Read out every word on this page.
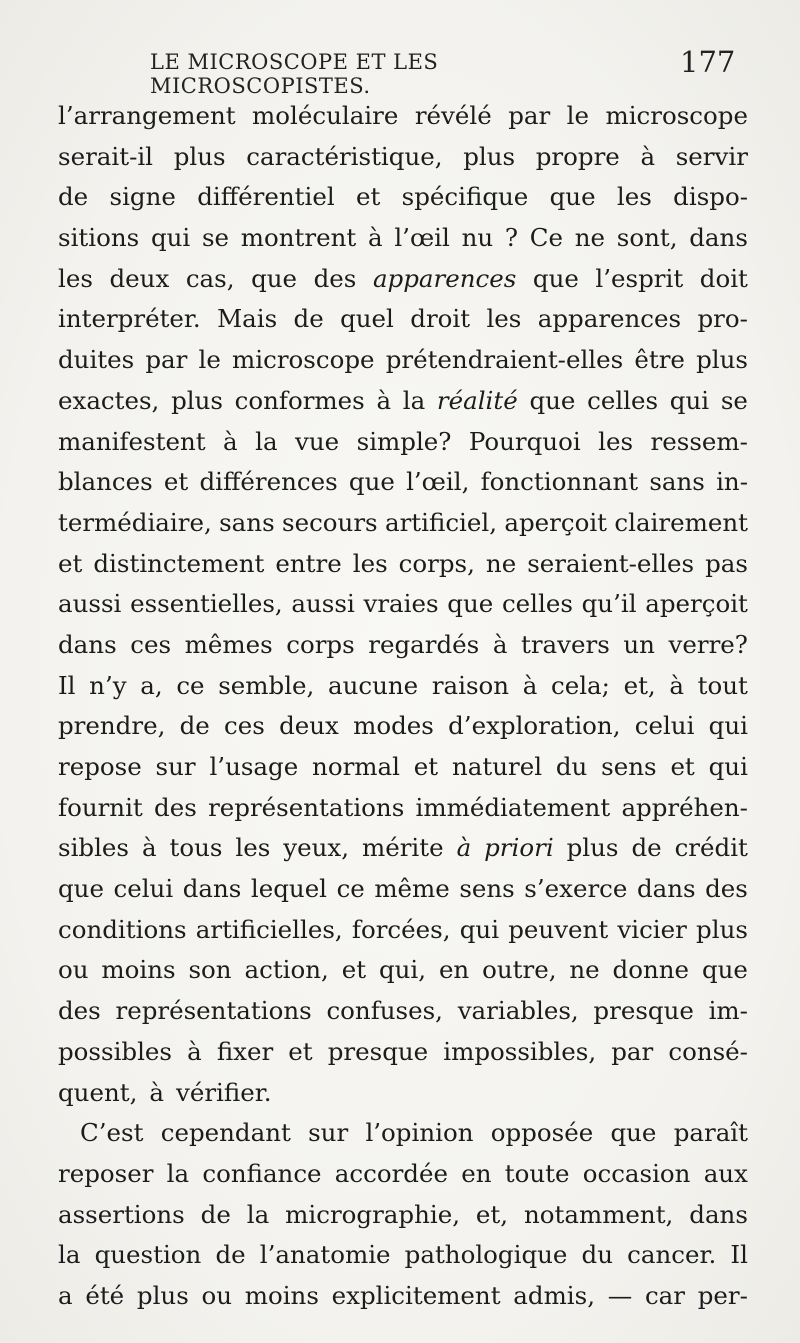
LE MICROSCOPE ET LES MICROSCOPISTES.
177
l’arrangement moléculaire révélé par le microscope
serait-il plus caractéristique, plus propre à servir
de signe différentiel et spécifique que les dispo-
sitions qui se montrent à l’œil nu ? Ce ne sont, dans
les deux cas, que des apparences que l’esprit doit
interpréter. Mais de quel droit les apparences pro-
duites par le microscope prétendraient-elles être plus
exactes, plus conformes à la réalité que celles qui se
manifestent à la vue simple? Pourquoi les ressem-
blances et différences que l’œil, fonctionnant sans in-
termédiaire, sans secours artificiel, aperçoit clairement
et distinctement entre les corps, ne seraient-elles pas
aussi essentielles, aussi vraies que celles qu’il aperçoit
dans ces mêmes corps regardés à travers un verre?
Il n’y a, ce semble, aucune raison à cela; et, à tout
prendre, de ces deux modes d’exploration, celui qui
repose sur l’usage normal et naturel du sens et qui
fournit des représentations immédiatement appréhen-
sibles à tous les yeux, mérite à priori plus de crédit
que celui dans lequel ce même sens s’exerce dans des
conditions artificielles, forcées, qui peuvent vicier plus
ou moins son action, et qui, en outre, ne donne que
des représentations confuses, variables, presque im-
possibles à fixer et presque impossibles, par consé-
quent, à vérifier.
C’est cependant sur l’opinion opposée que paraît
reposer la confiance accordée en toute occasion aux
assertions de la micrographie, et, notamment, dans
la question de l’anatomie pathologique du cancer. Il
a été plus ou moins explicitement admis, — car per-
